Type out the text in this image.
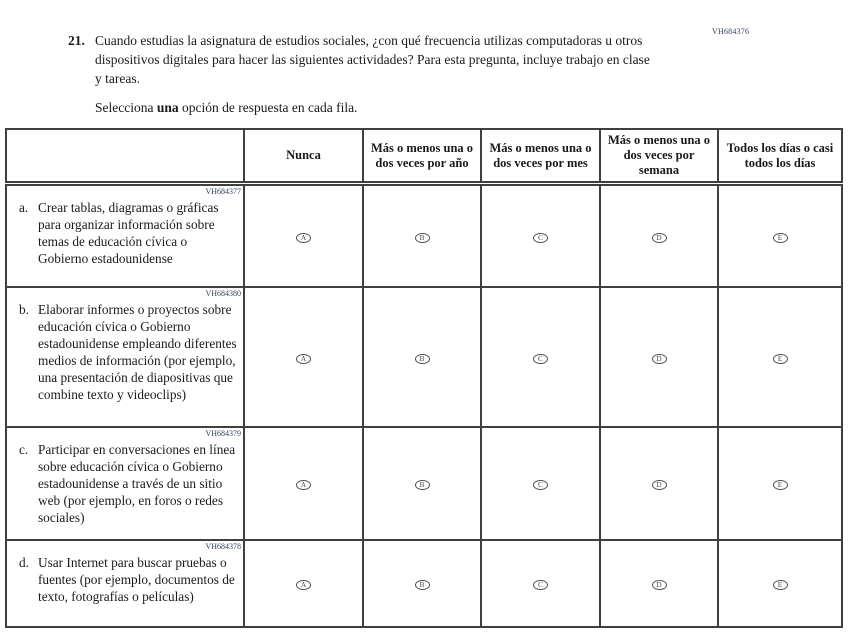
VH684376
21. Cuando estudias la asignatura de estudios sociales, ¿con qué frecuencia utilizas computadoras u otros dispositivos digitales para hacer las siguientes actividades? Para esta pregunta, incluye trabajo en clase y tareas.
Selecciona una opción de respuesta en cada fila.
	Nunca	Más o menos una o dos veces por año	Más o menos una o dos veces por mes	Más o menos una o dos veces por semana	Todos los días o casi todos los días

VH684377
a. Crear tablas, diagramas o gráficas para organizar información sobre temas de educación cívica o Gobierno estadounidense	A	B	C	D	E

VH684380
b. Elaborar informes o proyectos sobre educación cívica o Gobierno estadounidense empleando diferentes medios de información (por ejemplo, una presentación de diapositivas que combine texto y videoclips)	A	B	C	D	E

VH684379
c. Participar en conversaciones en línea sobre educación cívica o Gobierno estadounidense a través de un sitio web (por ejemplo, en foros o redes sociales)	A	B	C	D	E

VH684378
d. Usar Internet para buscar pruebas o fuentes (por ejemplo, documentos de texto, fotografías o películas)	A	B	C	D	E
